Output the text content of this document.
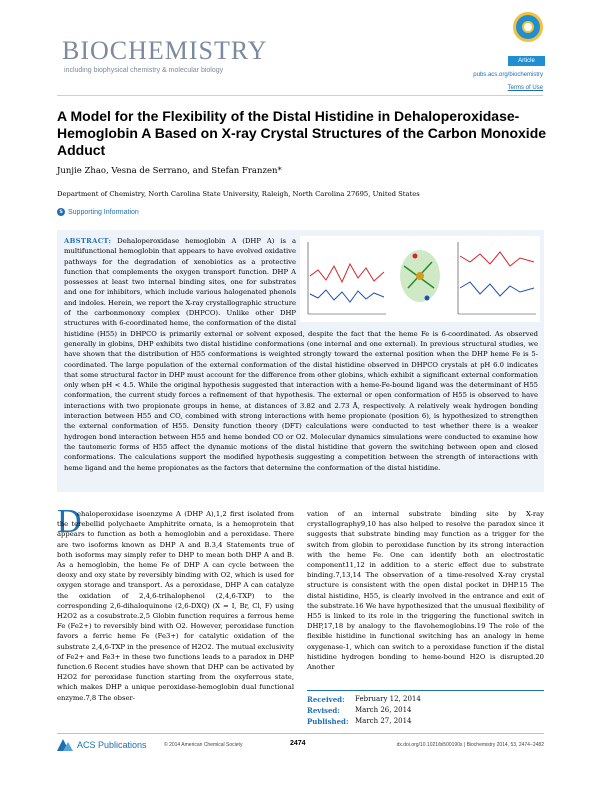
BIOCHEMISTRY
including biophysical chemistry & molecular biology
Article
pubs.acs.org/biochemistry
Terms of Use
A Model for the Flexibility of the Distal Histidine in Dehaloperoxidase-Hemoglobin A Based on X-ray Crystal Structures of the Carbon Monoxide Adduct
Junjie Zhao, Vesna de Serrano, and Stefan Franzen*
Department of Chemistry, North Carolina State University, Raleigh, North Carolina 27695, United States
s Supporting Information
ABSTRACT: Dehaloperoxidase hemoglobin A (DHP A) is a multifunctional hemoglobin that appears to have evolved oxidative pathways for the degradation of xenobiotics as a protective function that complements the oxygen transport function. DHP A possesses at least two internal binding sites, one for substrates and one for inhibitors, which include various halogenated phenols and indoles. Herein, we report the X-ray crystallographic structure of the carbonmonoxy complex (DHPCO). Unlike other DHP structures with 6-coordinated heme, the conformation of the distal histidine (H55) in DHPCO is primarily external or solvent exposed, despite the fact that the heme Fe is 6-coordinated. As observed generally in globins, DHP exhibits two distal histidine conformations (one internal and one external). In previous structural studies, we have shown that the distribution of H55 conformations is weighted strongly toward the external position when the DHP heme Fe is 5-coordinated. The large population of the external conformation of the distal histidine observed in DHPCO crystals at pH 6.0 indicates that some structural factor in DHP must account for the difference from other globins, which exhibit a significant external conformation only when pH < 4.5. While the original hypothesis suggested that interaction with a heme-Fe-bound ligand was the determinant of H55 conformation, the current study forces a refinement of that hypothesis. The external or open conformation of H55 is observed to have interactions with two propionate groups in heme, at distances of 3.82 and 2.73 Å, respectively. A relatively weak hydrogen bonding interaction between H55 and CO, combined with strong interactions with heme propionate (position 6), is hypothesized to strengthen the external conformation of H55. Density function theory (DFT) calculations were conducted to test whether there is a weaker hydrogen bond interaction between H55 and heme bonded CO or O2. Molecular dynamics simulations were conducted to examine how the tautomeric forms of H55 affect the dynamic motions of the distal histidine that govern the switching between open and closed conformations. The calculations support the modified hypothesis suggesting a competition between the strength of interactions with heme ligand and the heme propionates as the factors that determine the conformation of the distal histidine.
D
ehaloperoxidase isoenzyme A (DHP A),1,2 first isolated from the terebellid polychaete Amphitrite ornata, is a hemoprotein that appears to function as both a hemoglobin and a peroxidase. There are two isoforms known as DHP A and B.3,4 Statements true of both isoforms may simply refer to DHP to mean both DHP A and B. As a hemoglobin, the heme Fe of DHP A can cycle between the deoxy and oxy state by reversibly binding with O2, which is used for oxygen storage and transport. As a peroxidase, DHP A can catalyze the oxidation of 2,4,6-trihalophenol (2,4,6-TXP) to the corresponding 2,6-dihaloquinone (2,6-DXQ) (X = I, Br, Cl, F) using H2O2 as a cosubstrate.2,5 Globin function requires a ferrous heme Fe (Fe2+) to reversibly bind with O2. However, peroxidase function favors a ferric heme Fe (Fe3+) for catalytic oxidation of the substrate 2,4,6-TXP in the presence of H2O2. The mutual exclusivity of Fe2+ and Fe3+ in these two functions leads to a paradox in DHP function.6 Recent studies have shown that DHP can be activated by H2O2 for peroxidase function starting from the oxyferrous state, which makes DHP a unique peroxidase-hemoglobin dual functional enzyme.7,8 The obser-
vation of an internal substrate binding site by X-ray crystallography9,10 has also helped to resolve the paradox since it suggests that substrate binding may function as a trigger for the switch from globin to peroxidase function by its strong interaction with the heme Fe. One can identify both an electrostatic component11,12 in addition to a steric effect due to substrate binding.7,13,14 The observation of a time-resolved X-ray crystal structure is consistent with the open distal pocket in DHP.15 The distal histidine, H55, is clearly involved in the entrance and exit of the substrate.16 We have hypothesized that the unusual flexibility of H55 is linked to its role in the triggering the functional switch in DHP,17,18 by analogy to the flavohemoglobins.19 The role of the flexible histidine in functional switching has an analogy in heme oxygenase-1, which can switch to a peroxidase function if the distal histidine hydrogen bonding to heme-bound H2O is disrupted.20 Another
Received:	February 12, 2014
Revised:	March 26, 2014
Published: March 27, 2014
ACS Publications	© 2014 American Chemical Society	2474	dx.doi.org/10.1021/bi500190s | Biochemistry 2014, 53, 2474−2482
